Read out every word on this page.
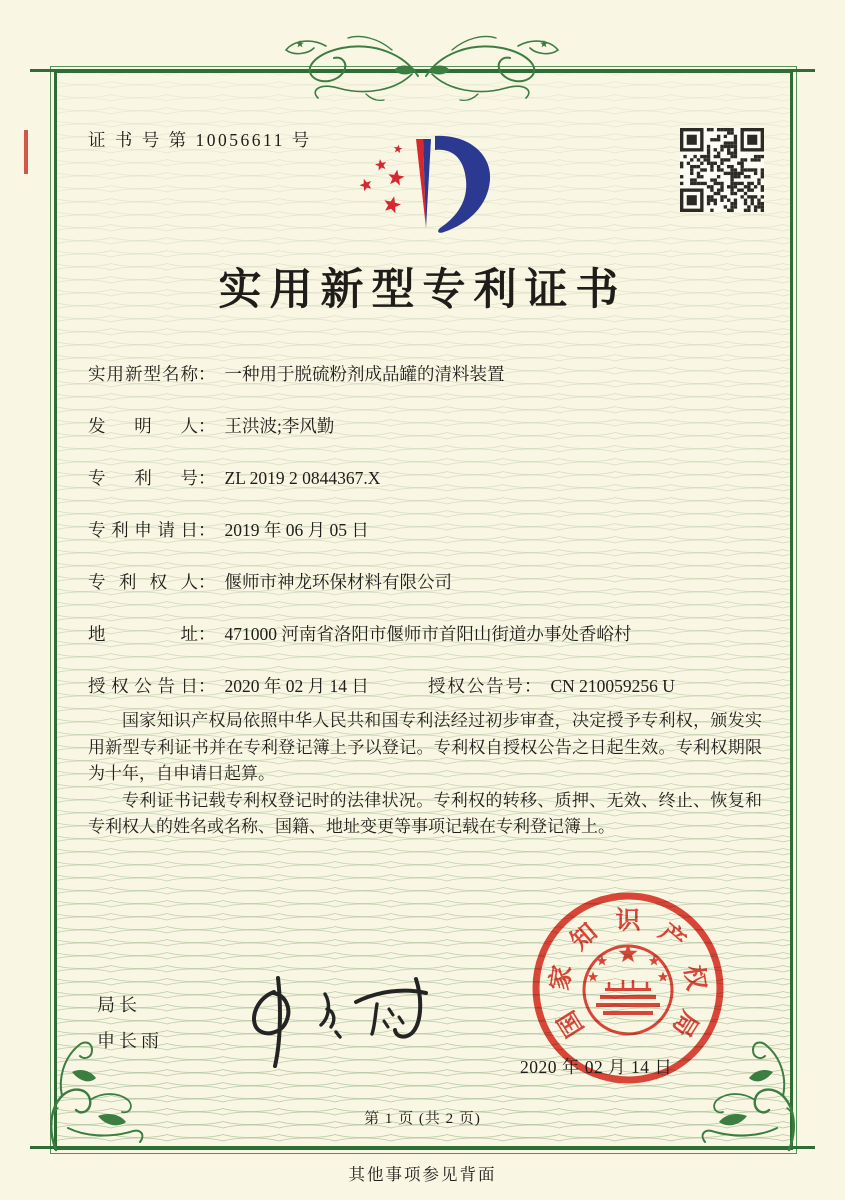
证 书 号 第 10056611 号
实用新型专利证书
实用新型名称： 一种用于脱硫粉剂成品罐的清料装置
发明人： 王洪波;李风勤
专利号： ZL 2019 2 0844367.X
专利申请日： 2019 年 06 月 05 日
专利权人： 偃师市神龙环保材料有限公司
地址： 471000 河南省洛阳市偃师市首阳山街道办事处香峪村
授权公告日： 2020 年 02 月 14 日	授权公告号： CN 210059256 U

国家知识产权局依照中华人民共和国专利法经过初步审查，决定授予专利权，颁发实用新型专利证书并在专利登记簿上予以登记。专利权自授权公告之日起生效。专利权期限为十年，自申请日起算。

专利证书记载专利权登记时的法律状况。专利权的转移、质押、无效、终止、恢复和专利权人的姓名或名称、国籍、地址变更等事项记载在专利登记簿上。

局长
申长雨	国
家
知 识 产
权
局
2020 年 02 月 14 日
第 1 页 (共 2 页)
其他事项参见背面
